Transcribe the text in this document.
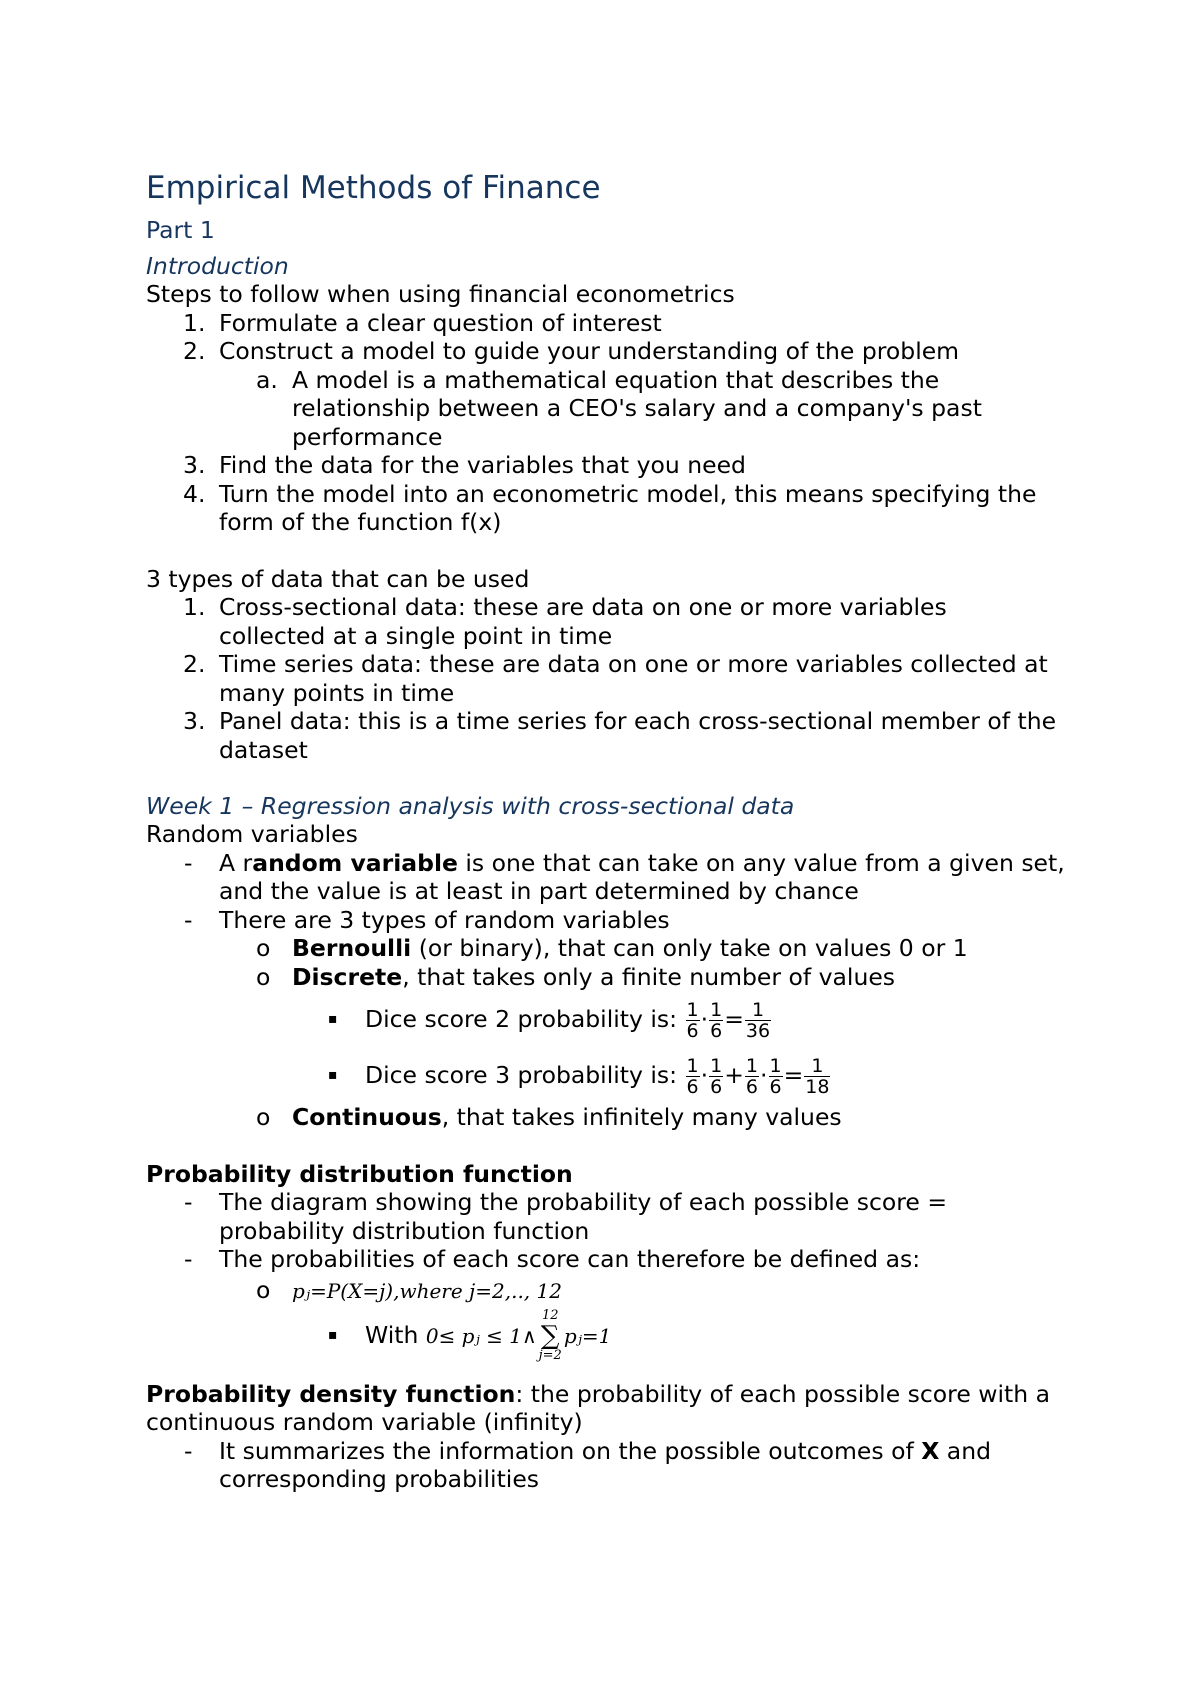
Empirical Methods of Finance
Part 1
Introduction
Steps to follow when using financial econometrics
1. Formulate a clear question of interest
2. Construct a model to guide your understanding of the problem
a. A model is a mathematical equation that describes the relationship between a CEO's salary and a company's past performance
3. Find the data for the variables that you need
4. Turn the model into an econometric model, this means specifying the form of the function f(x)
3 types of data that can be used
1. Cross-sectional data: these are data on one or more variables collected at a single point in time
2. Time series data: these are data on one or more variables collected at many points in time
3. Panel data: this is a time series for each cross-sectional member of the dataset
Week 1 – Regression analysis with cross-sectional data
Random variables
- A random variable is one that can take on any value from a given set, and the value is at least in part determined by chance
- There are 3 types of random variables
o Bernoulli (or binary), that can only take on values 0 or 1
o Discrete, that takes only a finite number of values
▪ Dice score 2 probability is: $\frac{1}{6} \cdot \frac{1}{6} = \frac{1}{36}$
▪ Dice score 3 probability is: $\frac{1}{6} \cdot \frac{1}{6} + \frac{1}{6} \cdot \frac{1}{6} = \frac{1}{18}$
o Continuous, that takes infinitely many values
Probability distribution function
- The diagram showing the probability of each possible score = probability distribution function
- The probabilities of each score can therefore be defined as:
o pⱼ=P(X=j),where j=2,.., 12
▪ With 0≤ pⱼ ≤ 1∧
12
∑
j=2
pⱼ=1
Probability density function: the probability of each possible score with a continuous random variable (infinity)
- It summarizes the information on the possible outcomes of X and corresponding probabilities
